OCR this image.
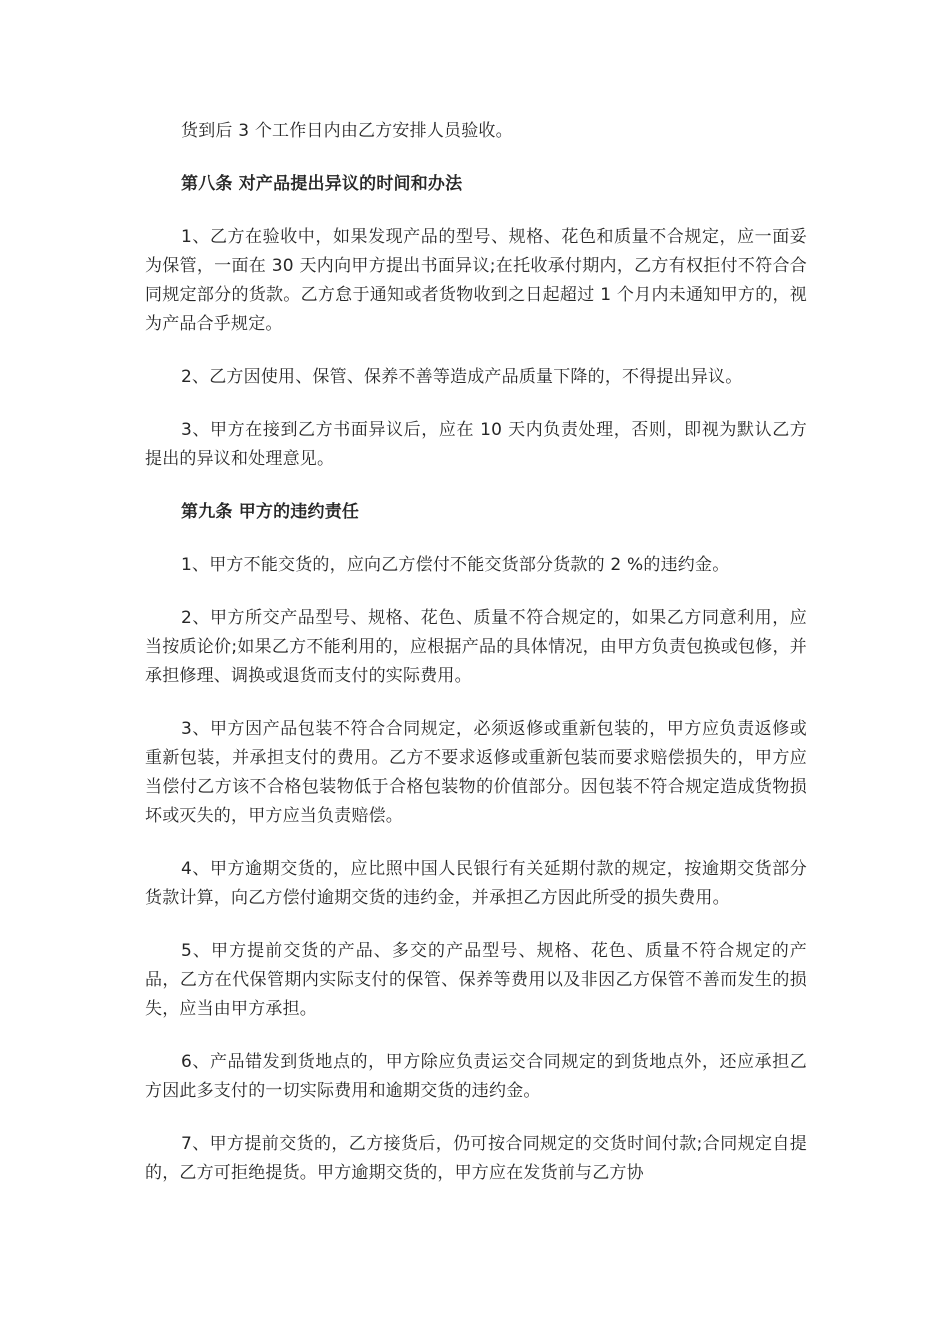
货到后 3 个工作日内由乙方安排人员验收。

第八条 对产品提出异议的时间和办法

1、乙方在验收中，如果发现产品的型号、规格、花色和质量不合规定，应一面妥为保管，一面在 30 天内向甲方提出书面异议;在托收承付期内，乙方有权拒付不符合合同规定部分的货款。乙方怠于通知或者货物收到之日起超过 1 个月内未通知甲方的，视为产品合乎规定。

2、乙方因使用、保管、保养不善等造成产品质量下降的，不得提出异议。

3、甲方在接到乙方书面异议后，应在 10 天内负责处理，否则，即视为默认乙方提出的异议和处理意见。

第九条 甲方的违约责任

1、甲方不能交货的，应向乙方偿付不能交货部分货款的 2 %的违约金。

2、甲方所交产品型号、规格、花色、质量不符合规定的，如果乙方同意利用，应当按质论价;如果乙方不能利用的，应根据产品的具体情况，由甲方负责包换或包修，并承担修理、调换或退货而支付的实际费用。

3、甲方因产品包装不符合合同规定，必须返修或重新包装的，甲方应负责返修或重新包装，并承担支付的费用。乙方不要求返修或重新包装而要求赔偿损失的，甲方应当偿付乙方该不合格包装物低于合格包装物的价值部分。因包装不符合规定造成货物损坏或灭失的，甲方应当负责赔偿。

4、甲方逾期交货的，应比照中国人民银行有关延期付款的规定，按逾期交货部分货款计算，向乙方偿付逾期交货的违约金，并承担乙方因此所受的损失费用。

5、甲方提前交货的产品、多交的产品型号、规格、花色、质量不符合规定的产品，乙方在代保管期内实际支付的保管、保养等费用以及非因乙方保管不善而发生的损失，应当由甲方承担。

6、产品错发到货地点的，甲方除应负责运交合同规定的到货地点外，还应承担乙方因此多支付的一切实际费用和逾期交货的违约金。

7、甲方提前交货的，乙方接货后，仍可按合同规定的交货时间付款;合同规定自提的，乙方可拒绝提货。甲方逾期交货的，甲方应在发货前与乙方协
